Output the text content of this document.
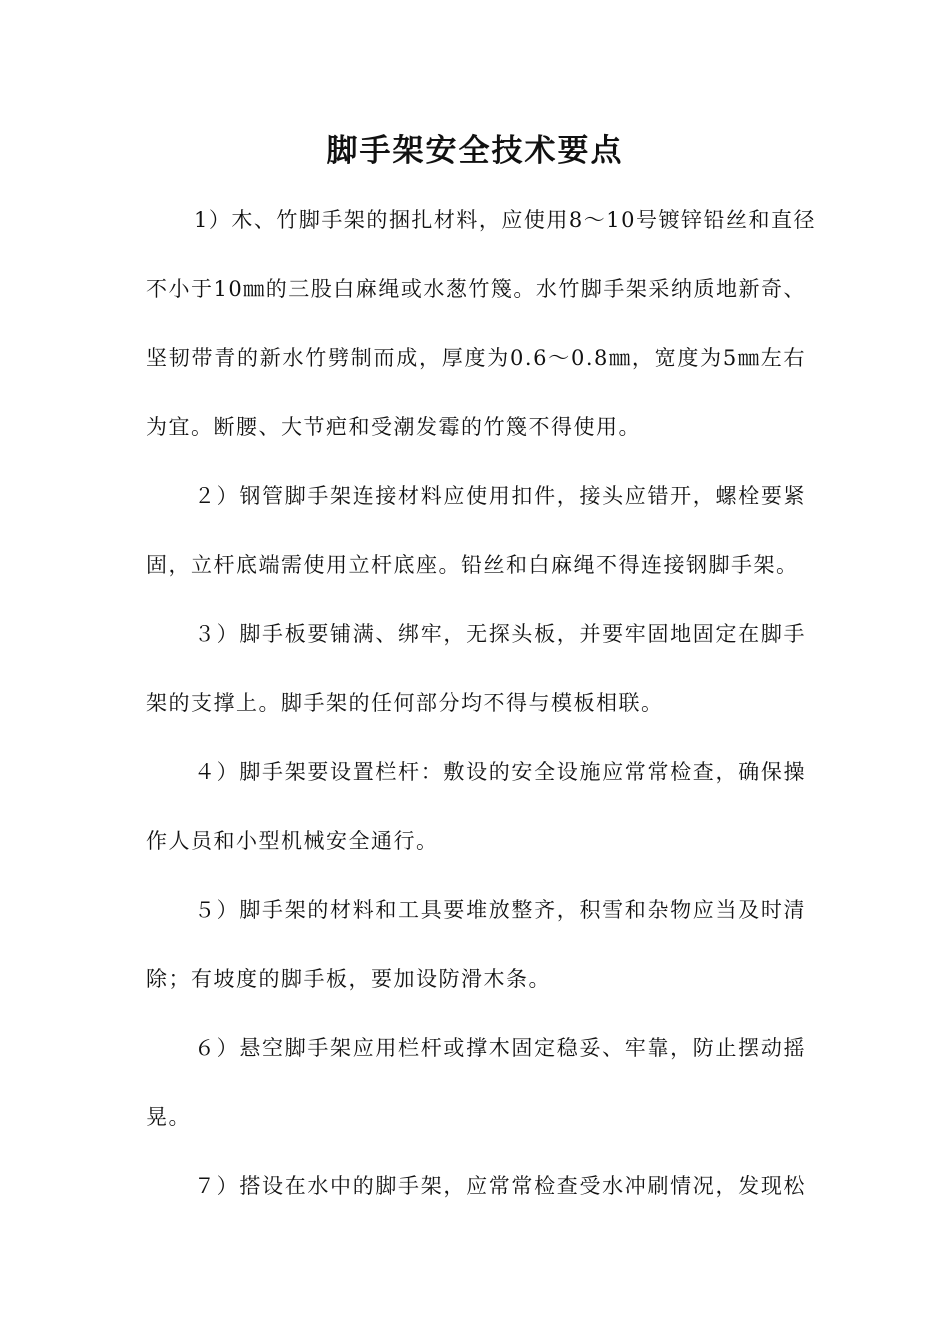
脚手架安全技术要点
1）木、竹脚手架的捆扎材料，应使用8～10号镀锌铅丝和直径
不小于10㎜的三股白麻绳或水葱竹篾。水竹脚手架采纳质地新奇、
坚韧带青的新水竹劈制而成，厚度为0.6～0.8㎜，宽度为5㎜左右
为宜。断腰、大节疤和受潮发霉的竹篾不得使用。
２）钢管脚手架连接材料应使用扣件，接头应错开，螺栓要紧
固，立杆底端需使用立杆底座。铅丝和白麻绳不得连接钢脚手架。
３）脚手板要铺满、绑牢，无探头板，并要牢固地固定在脚手
架的支撑上。脚手架的任何部分均不得与模板相联。
４）脚手架要设置栏杆：敷设的安全设施应常常检查，确保操
作人员和小型机械安全通行。
５）脚手架的材料和工具要堆放整齐，积雪和杂物应当及时清
除；有坡度的脚手板，要加设防滑木条。
６）悬空脚手架应用栏杆或撑木固定稳妥、牢靠，防止摆动摇
晃。
７）搭设在水中的脚手架，应常常检查受水冲刷情况，发现松
